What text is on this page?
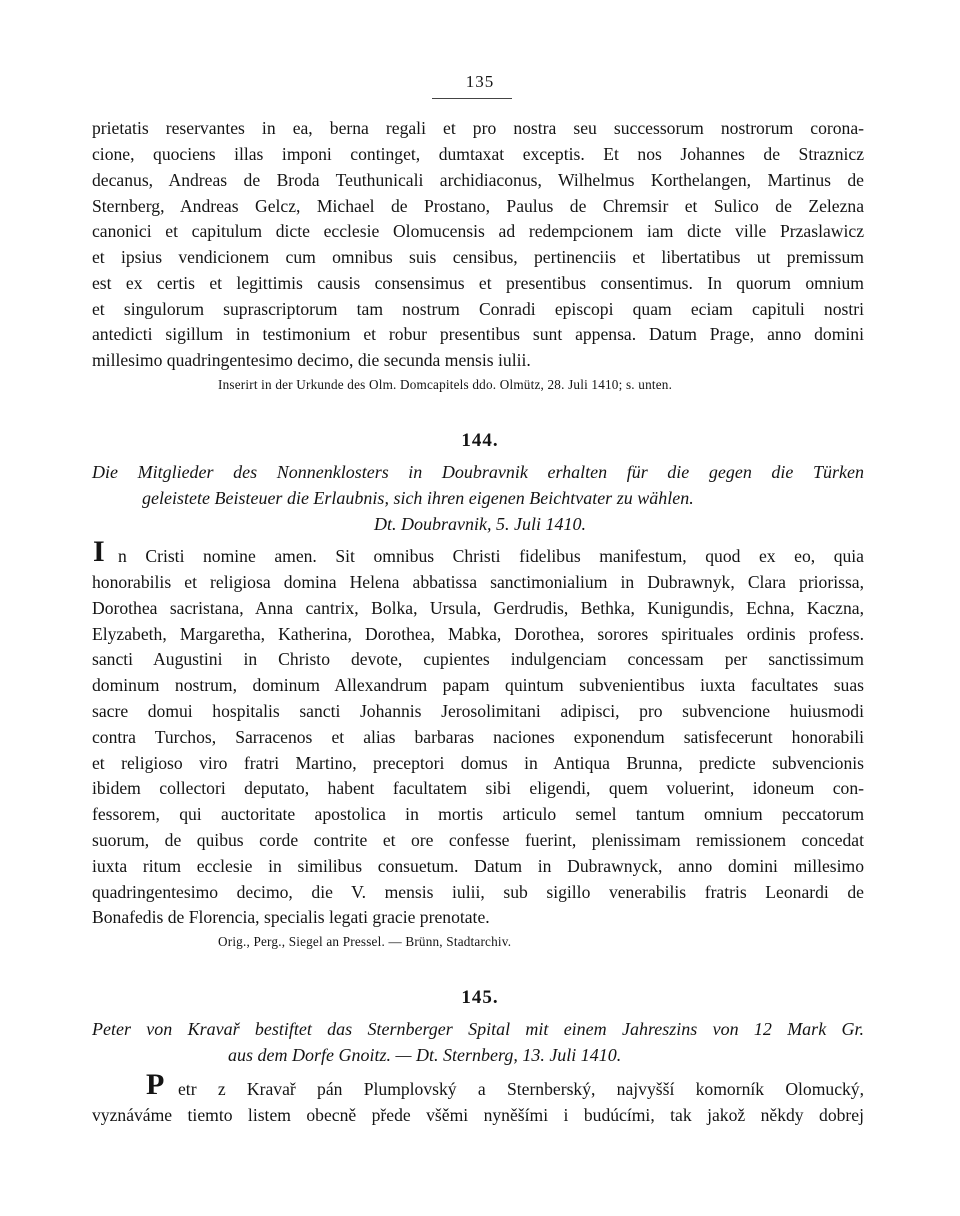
135
prietatis reservantes in ea, berna regali et pro nostra seu successorum nostrorum corona-
cione, quociens illas imponi continget, dumtaxat exceptis. Et nos Johannes de Straznicz
decanus, Andreas de Broda Teuthunicali archidiaconus, Wilhelmus Korthelangen, Martinus de
Sternberg, Andreas Gelcz, Michael de Prostano, Paulus de Chremsir et Sulico de Zelezna
canonici et capitulum dicte ecclesie Olomucensis ad redempcionem iam dicte ville Przaslawicz
et ipsius vendicionem cum omnibus suis censibus, pertinenciis et libertatibus ut premissum
est ex certis et legittimis causis consensimus et presentibus consentimus. In quorum omnium
et singulorum suprascriptorum tam nostrum Conradi episcopi quam eciam capituli nostri
antedicti sigillum in testimonium et robur presentibus sunt appensa. Datum Prage, anno domini
millesimo quadringentesimo decimo, die secunda mensis iulii.
Inserirt in der Urkunde des Olm. Domcapitels ddo. Olmütz, 28. Juli 1410; s. unten.
144.
Die Mitglieder des Nonnenklosters in Doubravnik erhalten für die gegen die Türken
geleistete Beisteuer die Erlaubnis, sich ihren eigenen Beichtvater zu wählen.
Dt. Doubravnik, 5. Juli 1410.
I n Cristi nomine amen. Sit omnibus Christi fidelibus manifestum, quod ex eo, quia
honorabilis et religiosa domina Helena abbatissa sanctimonialium in Dubrawnyk, Clara priorissa,
Dorothea sacristana, Anna cantrix, Bolka, Ursula, Gerdrudis, Bethka, Kunigundis, Echna, Kaczna,
Elyzabeth, Margaretha, Katherina, Dorothea, Mabka, Dorothea, sorores spirituales ordinis profess.
sancti Augustini in Christo devote, cupientes indulgenciam concessam per sanctissimum
dominum nostrum, dominum Allexandrum papam quintum subvenientibus iuxta facultates suas
sacre domui hospitalis sancti Johannis Jerosolimitani adipisci, pro subvencione huiusmodi
contra Turchos, Sarracenos et alias barbaras naciones exponendum satisfecerunt honorabili
et religioso viro fratri Martino, preceptori domus in Antiqua Brunna, predicte subvencionis
ibidem collectori deputato, habent facultatem sibi eligendi, quem voluerint, idoneum con-
fessorem, qui auctoritate apostolica in mortis articulo semel tantum omnium peccatorum
suorum, de quibus corde contrite et ore confesse fuerint, plenissimam remissionem concedat
iuxta ritum ecclesie in similibus consuetum. Datum in Dubrawnyck, anno domini millesimo
quadringentesimo decimo, die V. mensis iulii, sub sigillo venerabilis fratris Leonardi de
Bonafedis de Florencia, specialis legati gracie prenotate.
Orig., Perg., Siegel an Pressel. — Brünn, Stadtarchiv.
145.
Peter von Kravař bestiftet das Sternberger Spital mit einem Jahreszins von 12 Mark Gr.
aus dem Dorfe Gnoitz. — Dt. Sternberg, 13. Juli 1410.
P etr z Kravař pán Plumplovský a Sternberský, najvyšší komorník Olomucký,
vyznáváme tiemto listem obecně přede všěmi nyněšími i budúcími, tak jakož někdy dobrej
